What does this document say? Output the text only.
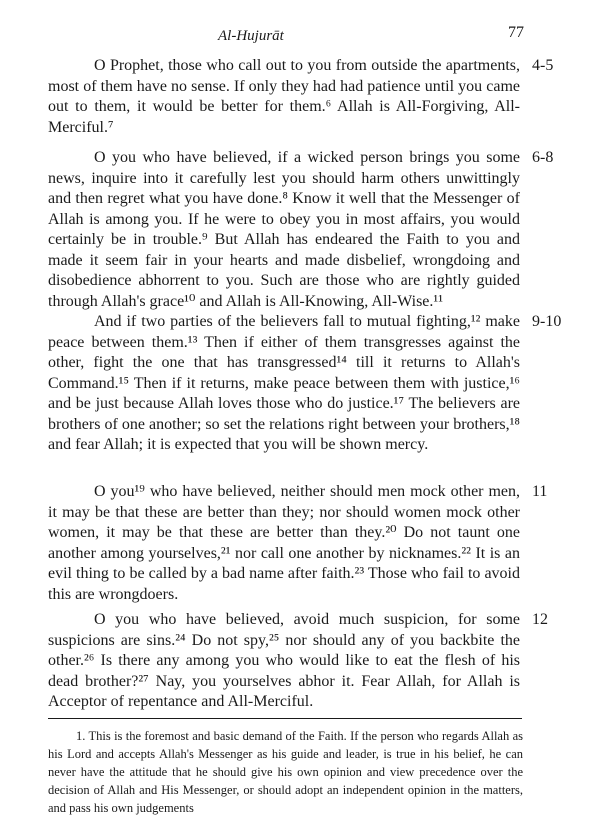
Al-Hujurāt	77

O Prophet, those who call out to you from outside the apartments, most of them have no sense. If only they had had patience until you came out to them, it would be better for them.⁶ Allah is All-Forgiving, All-Merciful.⁷

4-5

O you who have believed, if a wicked person brings you some news, inquire into it carefully lest you should harm others unwittingly and then regret what you have done.⁸ Know it well that the Messenger of Allah is among you. If he were to obey you in most affairs, you would certainly be in trouble.⁹ But Allah has endeared the Faith to you and made it seem fair in your hearts and made disbelief, wrongdoing and disobedience abhorrent to you. Such are those who are rightly guided through Allah's grace¹⁰ and Allah is All-Knowing, All-Wise.¹¹

6-8

And if two parties of the believers fall to mutual fighting,¹² make peace between them.¹³ Then if either of them transgresses against the other, fight the one that has transgressed¹⁴ till it returns to Allah's Command.¹⁵ Then if it returns, make peace between them with justice,¹⁶ and be just because Allah loves those who do justice.¹⁷ The believers are brothers of one another; so set the relations right between your brothers,¹⁸ and fear Allah; it is expected that you will be shown mercy.

9-10

O you¹⁹ who have believed, neither should men mock other men, it may be that these are better than they; nor should women mock other women, it may be that these are better than they.²⁰ Do not taunt one another among yourselves,²¹ nor call one another by nicknames.²² It is an evil thing to be called by a bad name after faith.²³ Those who fail to avoid this are wrongdoers.

11

O you who have believed, avoid much suspicion, for some suspicions are sins.²⁴ Do not spy,²⁵ nor should any of you backbite the other.²⁶ Is there any among you who would like to eat the flesh of his dead brother?²⁷ Nay, you yourselves abhor it. Fear Allah, for Allah is Acceptor of repentance and All-Merciful.

12

1. This is the foremost and basic demand of the Faith. If the person who regards Allah as his Lord and accepts Allah's Messenger as his guide and leader, is true in his belief, he can never have the attitude that he should give his own opinion and view precedence over the decision of Allah and His Messenger, or should adopt an independent opinion in the matters, and pass his own judgements
